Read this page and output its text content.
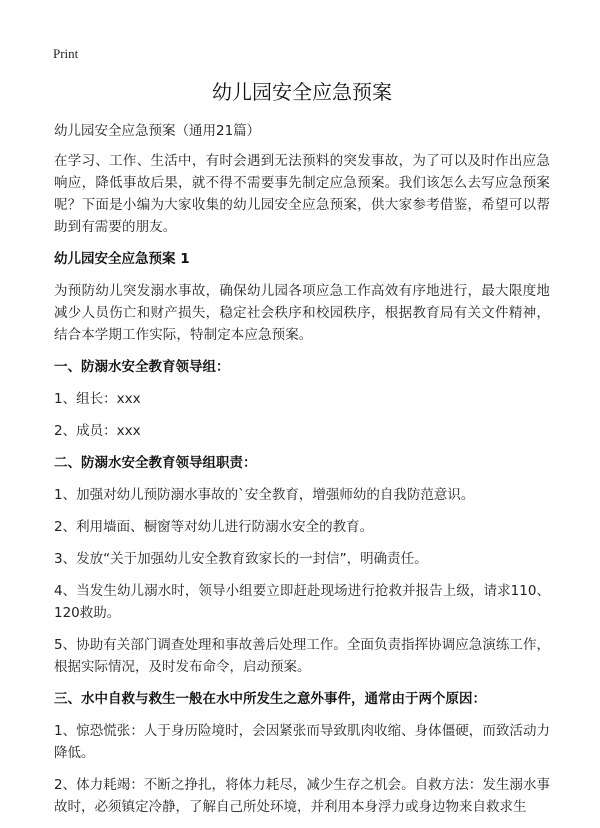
Print
幼儿园安全应急预案

幼儿园安全应急预案（通用21篇）

在学习、工作、生活中，有时会遇到无法预料的突发事故，为了可以及时作出应急响应，降低事故后果，就不得不需要事先制定应急预案。我们该怎么去写应急预案呢？下面是小编为大家收集的幼儿园安全应急预案，供大家参考借鉴，希望可以帮助到有需要的朋友。

幼儿园安全应急预案 1

为预防幼儿突发溺水事故，确保幼儿园各项应急工作高效有序地进行，最大限度地减少人员伤亡和财产损失，稳定社会秩序和校园秩序，根据教育局有关文件精神，结合本学期工作实际，特制定本应急预案。

一、防溺水安全教育领导组：

1、组长：xxx

2、成员：xxx

二、防溺水安全教育领导组职责：

1、加强对幼儿预防溺水事故的`安全教育，增强师幼的自我防范意识。

2、利用墙面、橱窗等对幼儿进行防溺水安全的教育。

3、发放“关于加强幼儿安全教育致家长的一封信”，明确责任。

4、当发生幼儿溺水时，领导小组要立即赶赴现场进行抢救并报告上级，请求110、120救助。

5、协助有关部门调查处理和事故善后处理工作。全面负责指挥协调应急演练工作，根据实际情况，及时发布命令，启动预案。

三、水中自救与救生一般在水中所发生之意外事件，通常由于两个原因：

1、惊恐慌张：人于身历险境时，会因紧张而导致肌肉收缩、身体僵硬，而致活动力降低。

2、体力耗竭：不断之挣扎，将体力耗尽，减少生存之机会。自救方法：发生溺水事故时，必须镇定冷静，了解自己所处环境，并利用本身浮力或身边物来自救求生
